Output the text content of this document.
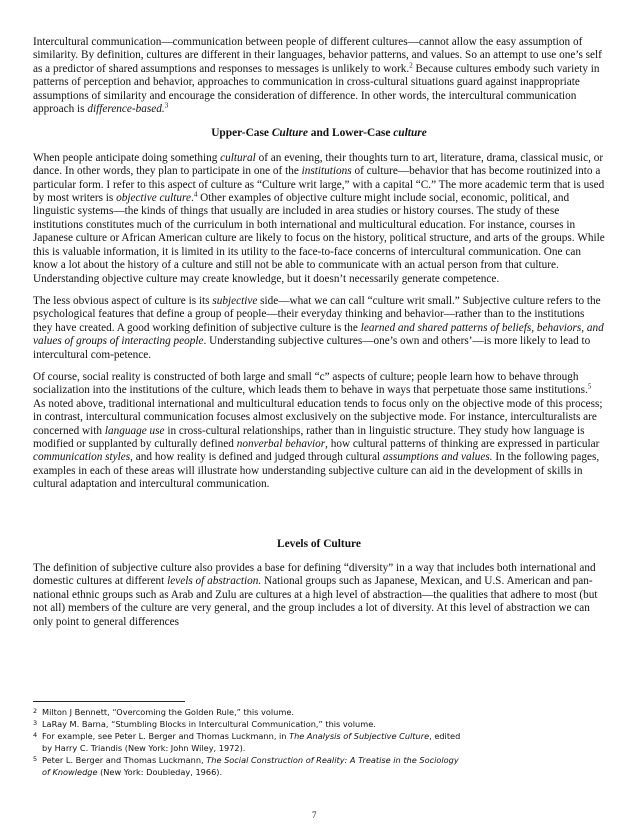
Intercultural communication—communication between people of different cultures—cannot allow the easy assumption of similarity. By definition, cultures are different in their languages, behavior patterns, and values. So an attempt to use one’s self as a predictor of shared assumptions and responses to messages is unlikely to work.$^2$ Because cultures embody such variety in patterns of perception and behavior, approaches to communication in cross-cultural situations guard against inappropriate assumptions of similarity and encourage the consideration of difference. In other words, the intercultural communication approach is difference-based.$^3$

Upper-Case Culture and Lower-Case culture

When people anticipate doing something cultural of an evening, their thoughts turn to art, literature, drama, classical music, or dance. In other words, they plan to participate in one of the institutions of culture—behavior that has become routinized into a particular form. I refer to this aspect of culture as “Culture writ large,” with a capital “C.” The more academic term that is used by most writers is objective culture.$^4$ Other examples of objective culture might include social, economic, political, and linguistic systems—the kinds of things that usually are included in area studies or history courses. The study of these institutions constitutes much of the curriculum in both international and multicultural education. For instance, courses in Japanese culture or African American culture are likely to focus on the history, political structure, and arts of the groups. While this is valuable information, it is limited in its utility to the face-to-face concerns of intercultural communication. One can know a lot about the history of a culture and still not be able to communicate with an actual person from that culture. Understanding objective culture may create knowledge, but it doesn’t necessarily generate competence.

The less obvious aspect of culture is its subjective side—what we can call “culture writ small.” Subjective culture refers to the psychological features that define a group of people—their everyday thinking and behavior—rather than to the institutions they have created. A good working definition of subjective culture is the learned and shared patterns of beliefs, behaviors, and values of groups of interacting people. Understanding subjective cultures—one’s own and others’—is more likely to lead to intercultural com-petence.

Of course, social reality is constructed of both large and small “c” aspects of culture; people learn how to behave through socialization into the institutions of the culture, which leads them to behave in ways that perpetuate those same institutions.$^5$ As noted above, traditional international and multicultural education tends to focus only on the objective mode of this process; in contrast, intercultural communication focuses almost exclusively on the subjective mode. For instance, interculturalists are concerned with language use in cross-cultural relationships, rather than in linguistic structure. They study how language is modified or supplanted by culturally defined nonverbal behavior, how cultural patterns of thinking are expressed in particular communication styles, and how reality is defined and judged through cultural assumptions and values. In the following pages, examples in each of these areas will illustrate how understanding subjective culture can aid in the development of skills in cultural adaptation and intercultural communication.

Levels of Culture

The definition of subjective culture also provides a base for defining “diversity” in a way that includes both international and domestic cultures at different levels of abstraction. National groups such as Japanese, Mexican, and U.S. American and pan-national ethnic groups such as Arab and Zulu are cultures at a high level of abstraction—the qualities that adhere to most (but not all) members of the culture are very general, and the group includes a lot of diversity. At this level of abstraction we can only point to general differences

2 Milton J Bennett, “Overcoming the Golden Rule,” this volume.

3 LaRay M. Barna, “Stumbling Blocks in Intercultural Communication,” this volume.

4 For example, see Peter L. Berger and Thomas Luckmann, in The Analysis of Subjective Culture, edited
by Harry C. Triandis (New York: John Wiley, 1972).

5 Peter L. Berger and Thomas Luckmann, The Social Construction of Reality: A Treatise in the Sociology
of Knowledge (New York: Doubleday, 1966).

7
